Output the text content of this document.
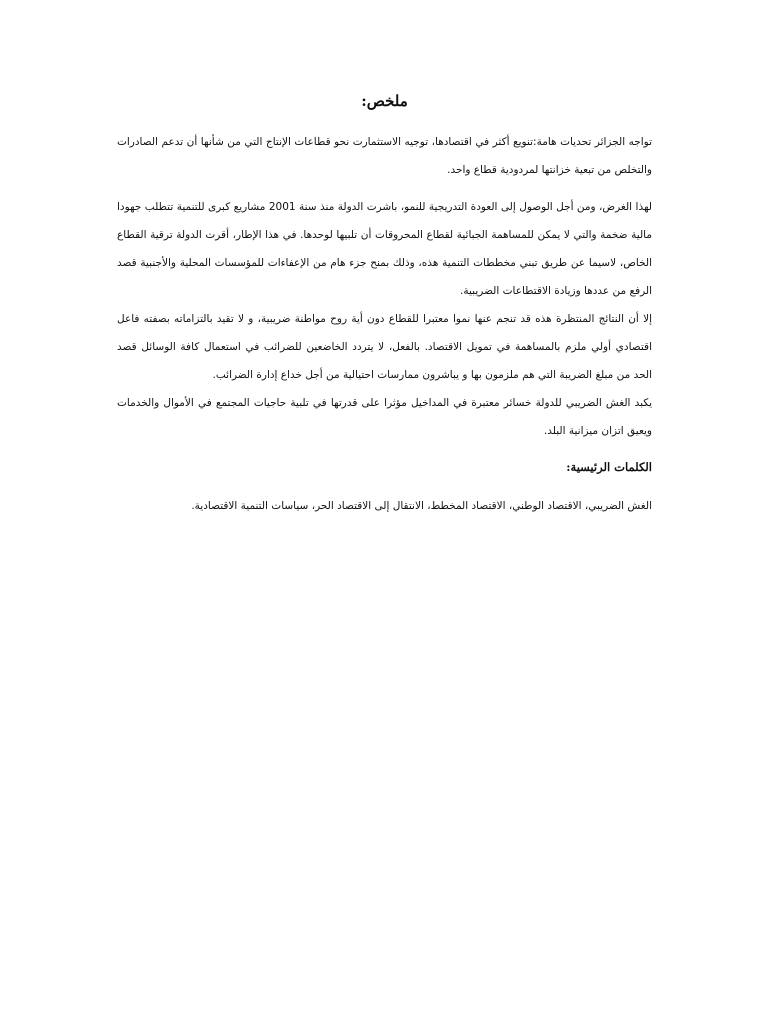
ملخص:

تواجه الجزائر تحديات هامة:تنويع أكثر في اقتصادها، توجيه الاستثمارت نحو قطاعات الإنتاج التي من شأنها أن تدعم الصادرات والتخلص من تبعية خزانتها لمردودية قطاع واحد.

لهذا الغرض، ومن أجل الوصول إلى العودة التدريجية للنمو، باشرت الدولة منذ سنة 2001 مشاريع كبرى للتنمية تتطلب جهودا مالية ضخمة والتي لا يمكن للمساهمة الجبائية لقطاع المحروقات أن تلبيها لوحدها. في هذا الإطار، أقرت الدولة ترقية القطاع الخاص، لاسيما عن طريق تبني مخططات التنمية هذه، وذلك بمنح جزء هام من الإعفاءات للمؤسسات المحلية والأجنبية قصد الرفع من عددها وزيادة الاقتطاعات الضريبية.

إلا أن النتائج المنتظرة هذه قد تنجم عنها نموا معتبرا للقطاع دون أية روح مواطنة ضريبية، و لا تقيد بالتزاماته بصفته فاعل اقتصادي أولي ملزم بالمساهمة في تمويل الاقتصاد. بالفعل، لا يتردد الخاضعين للضرائب في استعمال كافة الوسائل قصد الحد من مبلغ الضريبة التي هم ملزمون بها و يباشرون ممارسات احتيالية من أجل خداع إدارة الضرائب.

يكبد الغش الضريبي للدولة خسائر معتبرة في المداخيل مؤثرا على قدرتها في تلبية حاجيات المجتمع في الأموال والخدمات ويعيق اتزان ميزانية البلد.

الكلمات الرئيسية:

الغش الضريبي، الاقتصاد الوطني، الاقتصاد المخطط، الانتقال إلى الاقتصاد الحر، سياسات التنمية الاقتصادية.
